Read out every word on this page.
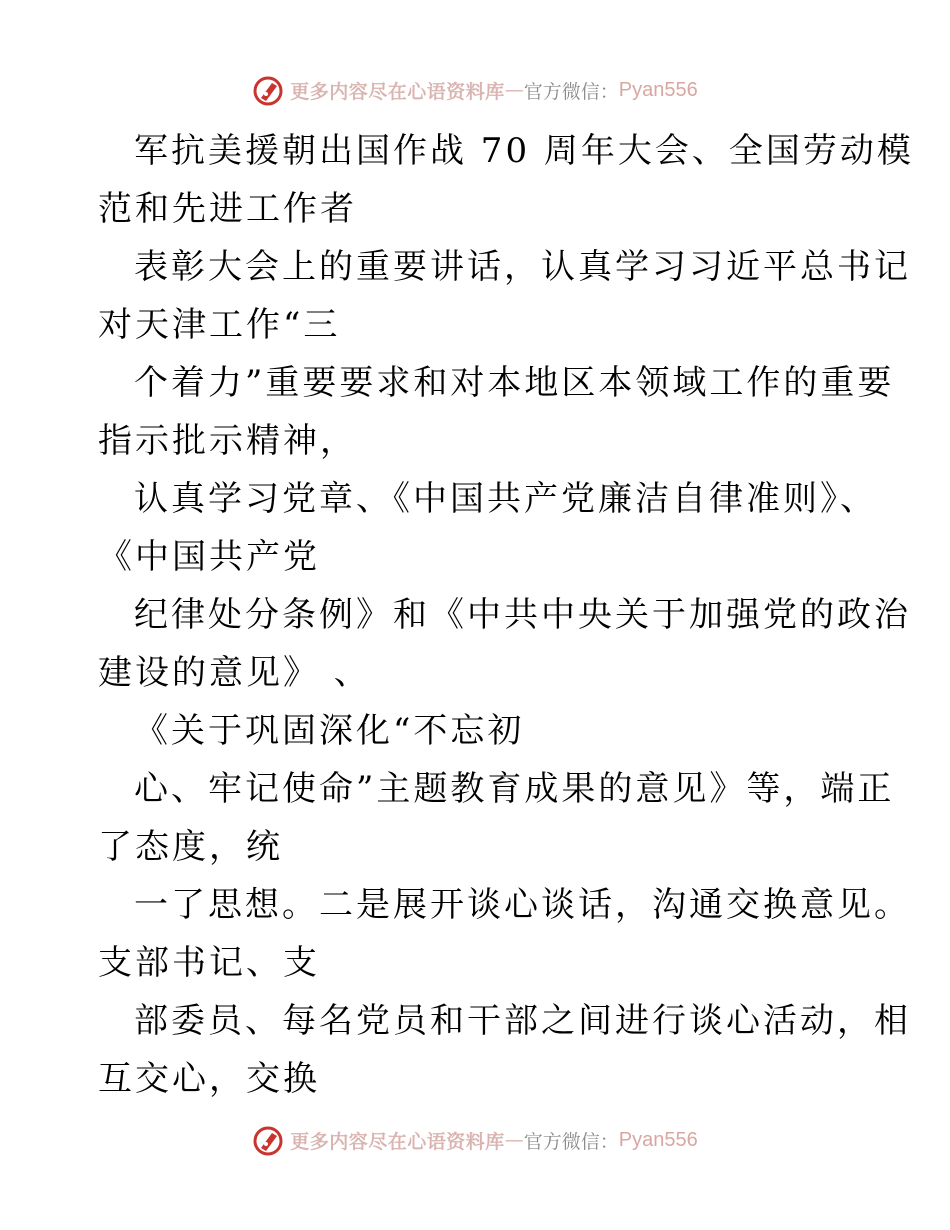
更多内容尽在心语资料库 — 官方微信： Pyan556
军抗美援朝出国作战 70 周年大会、全国劳动模
范和先进工作者
表彰大会上的重要讲话，认真学习习近平总书记
对天津工作“三
个着力”重要要求和对本地区本领域工作的重要
指示批示精神，
认真学习党章、《中国共产党廉洁自律准则》、
《中国共产党
纪律处分条例》和《中共中央关于加强党的政治
建设的意见》 、
《关于巩固深化“不忘初
心、牢记使命”主题教育成果的意见》等，端正
了态度，统
一了思想。二是展开谈心谈话，沟通交换意见。
支部书记、支
部委员、每名党员和干部之间进行谈心活动，相
互交心，交换
更多内容尽在心语资料库 — 官方微信： Pyan556
